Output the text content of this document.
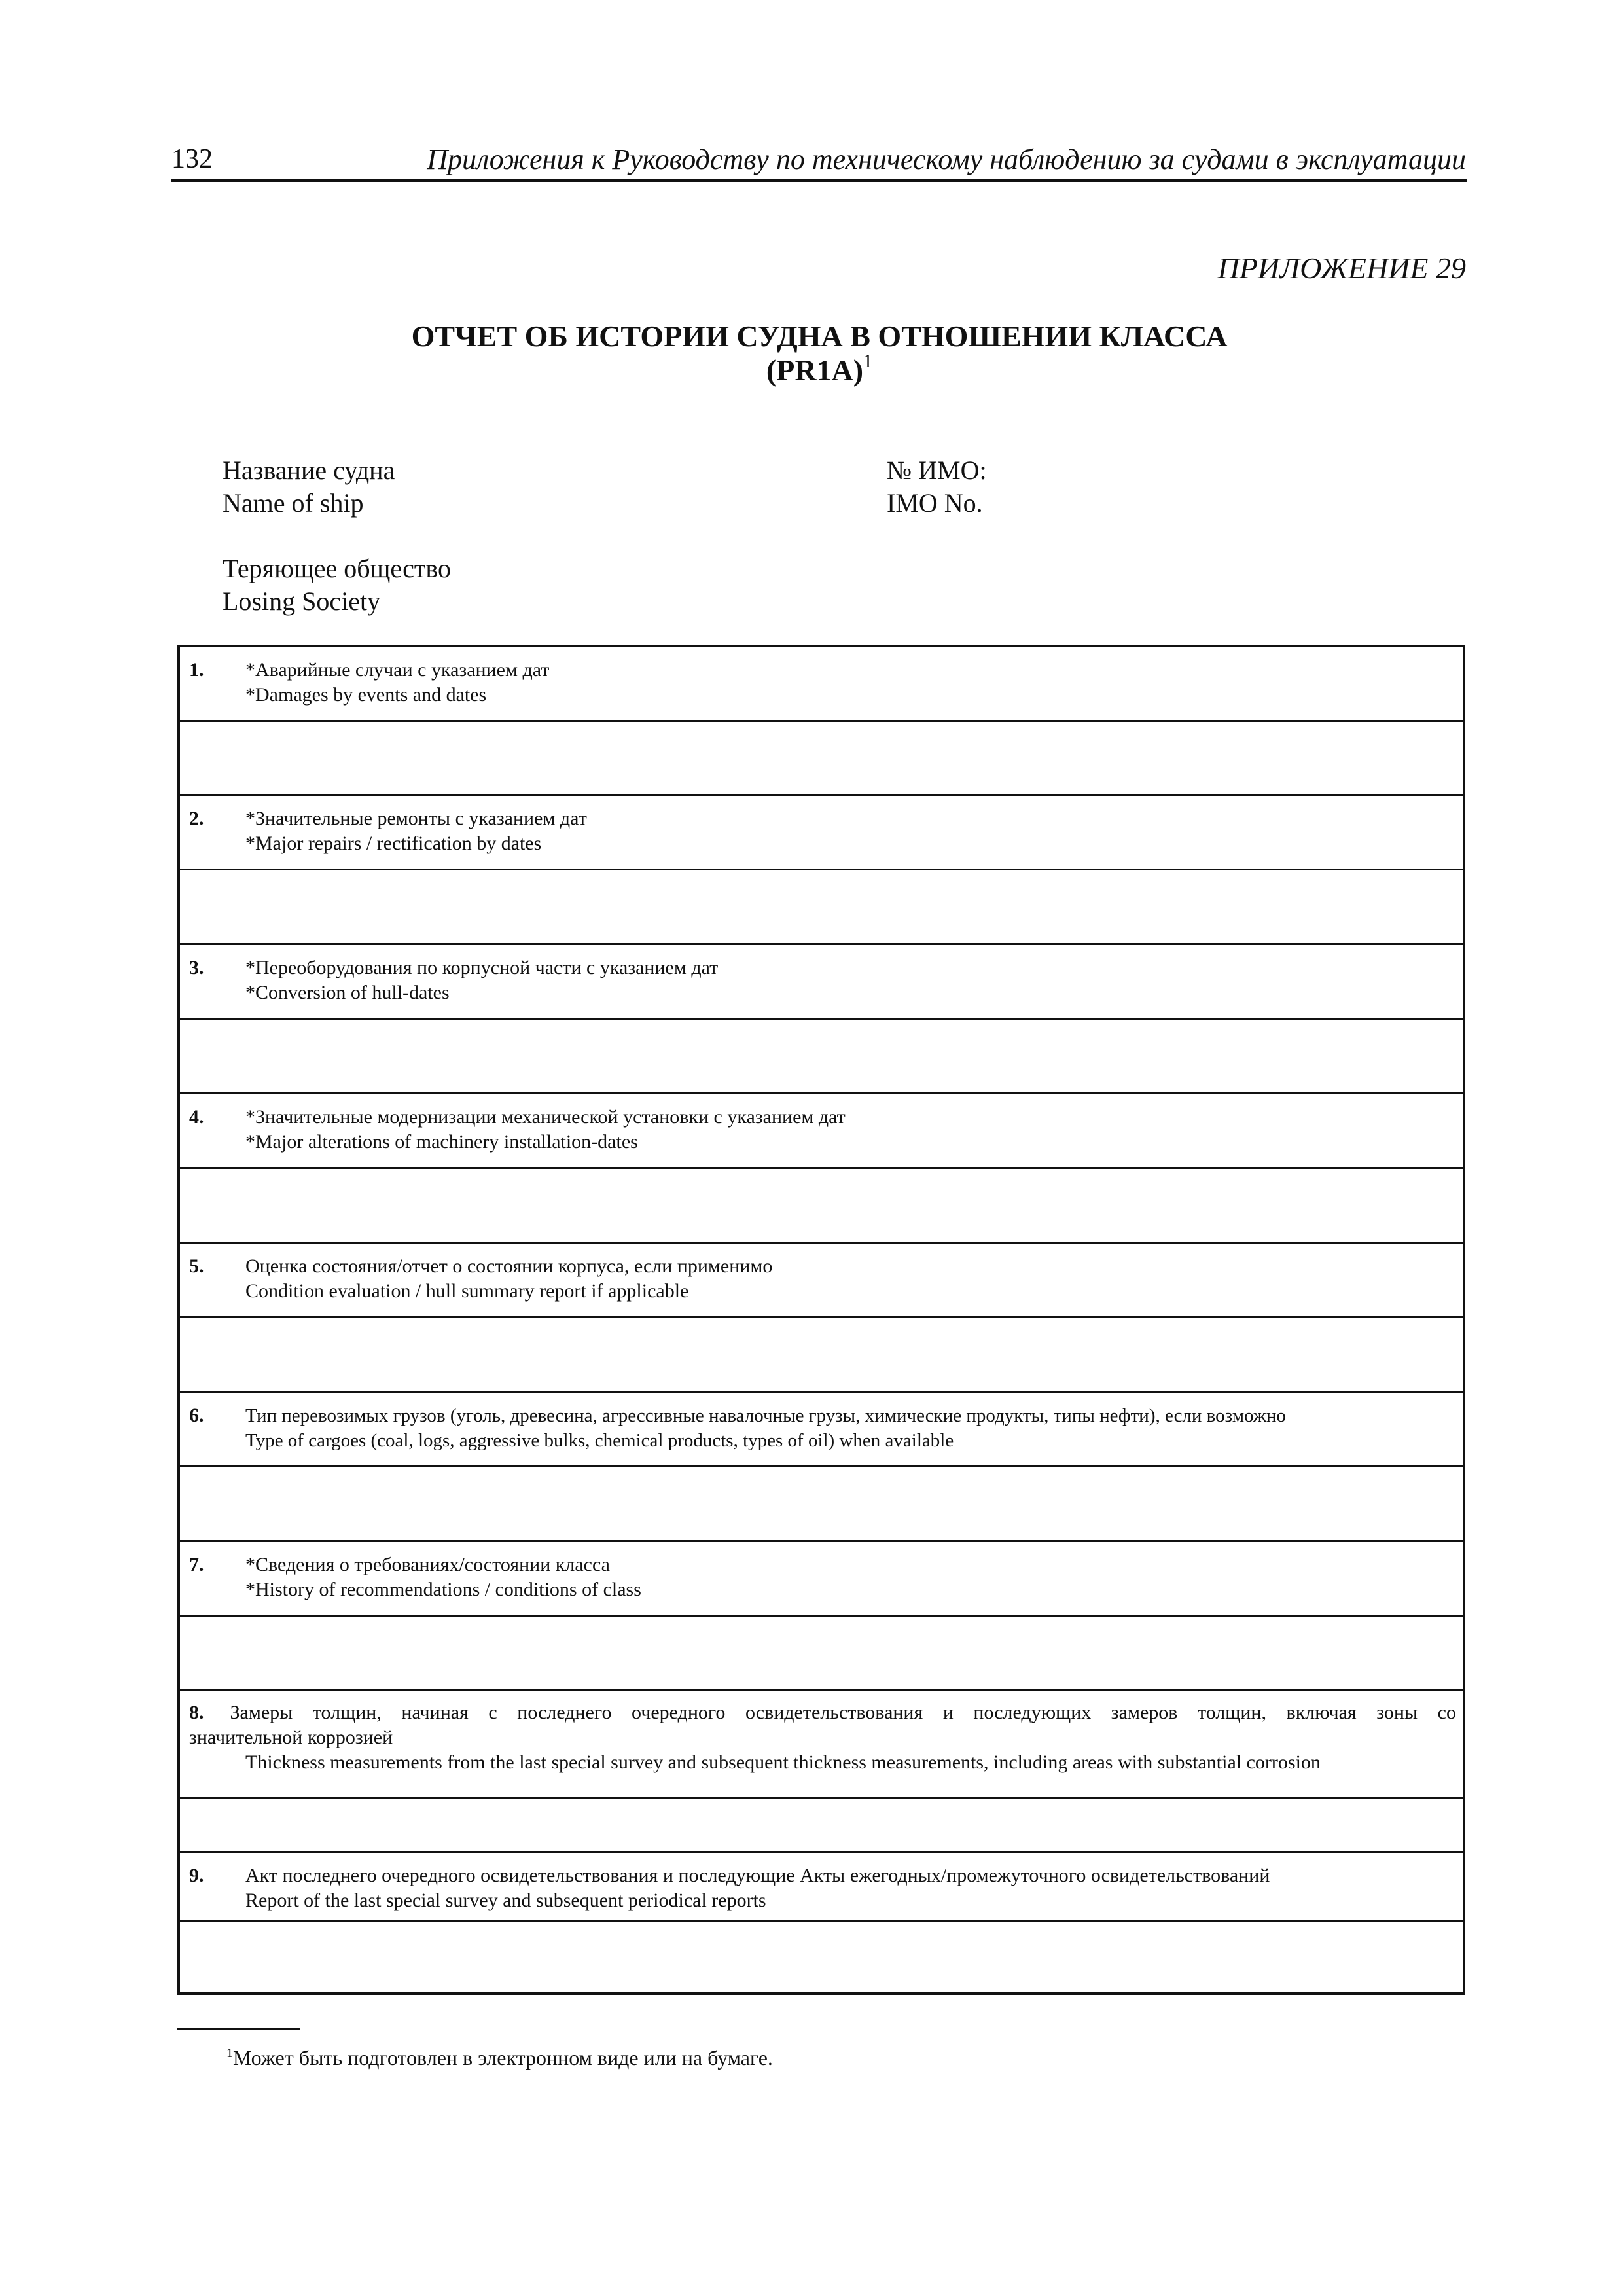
132	Приложения к Руководству по техническому наблюдению за судами в эксплуатации
ПРИЛОЖЕНИЕ 29
ОТЧЕТ ОБ ИСТОРИИ СУДНА В ОТНОШЕНИИ КЛАССА
$(PR1A)^1$
Название судна
Name of ship
№ ИМО:
IMO No.
Теряющее общество
Losing Society
1. *Аварийные случаи с указанием дат
*Damages by events and dates
2. *Значительные ремонты с указанием дат
*Major repairs / rectification by dates
3. *Переоборудования по корпусной части с указанием дат
*Conversion of hull-dates
4. *Значительные модернизации механической установки с указанием дат
*Major alterations of machinery installation-dates
5. Оценка состояния/отчет о состоянии корпуса, если применимо
Condition evaluation / hull summary report if applicable
6. Тип перевозимых грузов (уголь, древесина, агрессивные навалочные грузы, химические продукты, типы нефти), если возможно
Type of cargoes (coal, logs, aggressive bulks, chemical products, types of oil) when available
7. *Сведения о требованиях/состоянии класса
*History of recommendations / conditions of class
8. Замеры толщин, начиная с последнего очередного освидетельствования и последующих замеров толщин, включая зоны со
значительной коррозией
Thickness measurements from the last special survey and subsequent thickness measurements, including areas with substantial corrosion
9. Акт последнего очередного освидетельствования и последующие Акты ежегодных/промежуточного освидетельствований
Report of the last special survey and subsequent periodical reports
$^1$Может быть подготовлен в электронном виде или на бумаге.
